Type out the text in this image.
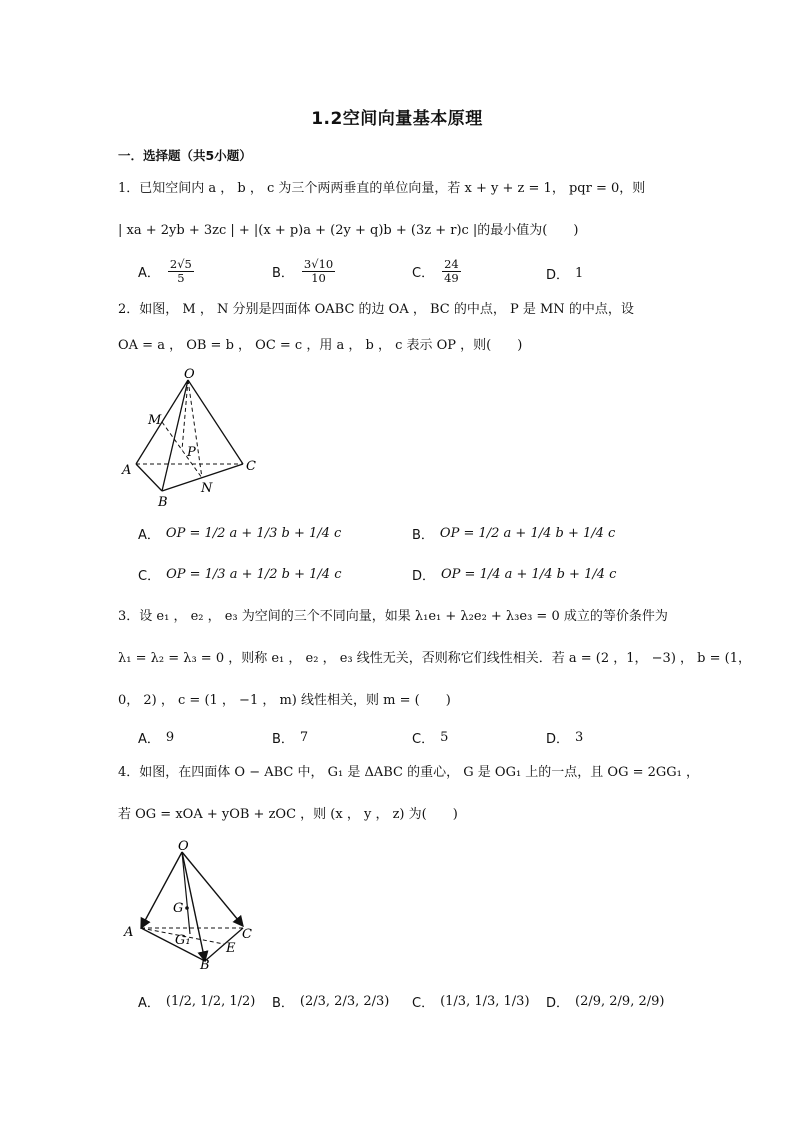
1.2空间向量基本原理
一．选择题（共5小题）
1．已知空间内 a ， b ， c 为三个两两垂直的单位向量，若 x + y + z = 1， pqr = 0，则
| xa + 2yb + 3zc | + |(x + p)a + (2y + q)b + (3z + r)c |的最小值为(　　)
A． $\frac{2√5}{5}$	B． $\frac{3√10}{10}$	C． $\frac{24}{49}$	D． 1
2．如图， M ， N 分别是四面体 OABC 的边 OA ， BC 的中点， P 是 MN 的中点，设
OA = a ， OB = b ， OC = c ，用 a ， b ， c 表示 OP ，则(　　)
O
M
P
A
B
C
N
A． OP = 1/2 a + 1/3 b + 1/4 c	B． OP = 1/2 a + 1/4 b + 1/4 c
C． OP = 1/3 a + 1/2 b + 1/4 c	D． OP = 1/4 a + 1/4 b + 1/4 c
3．设 e₁ ， e₂ ， e₃ 为空间的三个不同向量，如果 λ₁e₁ + λ₂e₂ + λ₃e₃ = 0 成立的等价条件为
λ₁ = λ₂ = λ₃ = 0 ，则称 e₁ ， e₂ ， e₃ 线性无关，否则称它们线性相关．若 a = (2 ，1， −3) ， b = (1，
0， 2) ， c = (1 ， −1 ， m) 线性相关，则 m = (　　)
A． 9	B． 7	C． 5	D． 3
4．如图，在四面体 O − ABC 中， G₁ 是 ΔABC 的重心， G 是 OG₁ 上的一点，且 OG = 2GG₁ ，
若 OG = xOA + yOB + zOC ，则 (x ， y ， z) 为(　　)
O
G
A
G₁
B
C
E
A． (1/2, 1/2, 1/2) B． (2/3, 2/3, 2/3) C． (1/3, 1/3, 1/3) D． (2/9, 2/9, 2/9)
